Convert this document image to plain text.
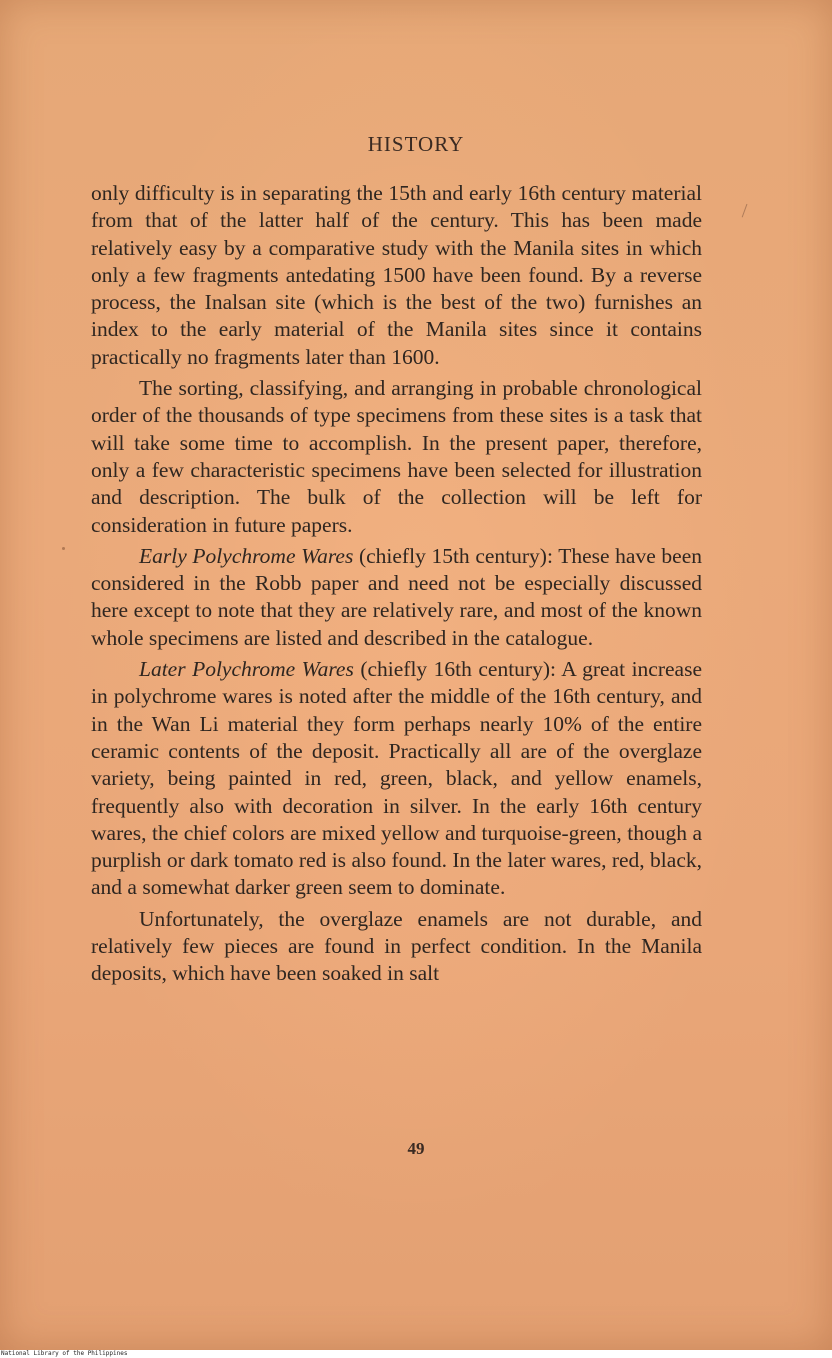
HISTORY

only difficulty is in separating the 15th and early 16th century material from that of the latter half of the century. This has been made relatively easy by a comparative study with the Manila sites in which only a few fragments antedating 1500 have been found. By a reverse process, the Inalsan site (which is the best of the two) furnishes an index to the early material of the Manila sites since it contains practically no fragments later than 1600.

The sorting, classifying, and arranging in probable chronological order of the thousands of type specimens from these sites is a task that will take some time to accomplish. In the present paper, therefore, only a few characteristic specimens have been selected for illustration and description. The bulk of the collection will be left for consideration in future papers.

Early Polychrome Wares (chiefly 15th century): These have been considered in the Robb paper and need not be especially discussed here except to note that they are relatively rare, and most of the known whole specimens are listed and described in the catalogue.

Later Polychrome Wares (chiefly 16th century): A great increase in polychrome wares is noted after the middle of the 16th century, and in the Wan Li material they form perhaps nearly 10% of the entire ceramic contents of the deposit. Practically all are of the overglaze variety, being painted in red, green, black, and yellow enamels, frequently also with decoration in silver. In the early 16th century wares, the chief colors are mixed yellow and turquoise-green, though a purplish or dark tomato red is also found. In the later wares, red, black, and a somewhat darker green seem to dominate.

Unfortunately, the overglaze enamels are not durable, and relatively few pieces are found in perfect condition. In the Manila deposits, which have been soaked in salt

49
National Library of the Philippines
